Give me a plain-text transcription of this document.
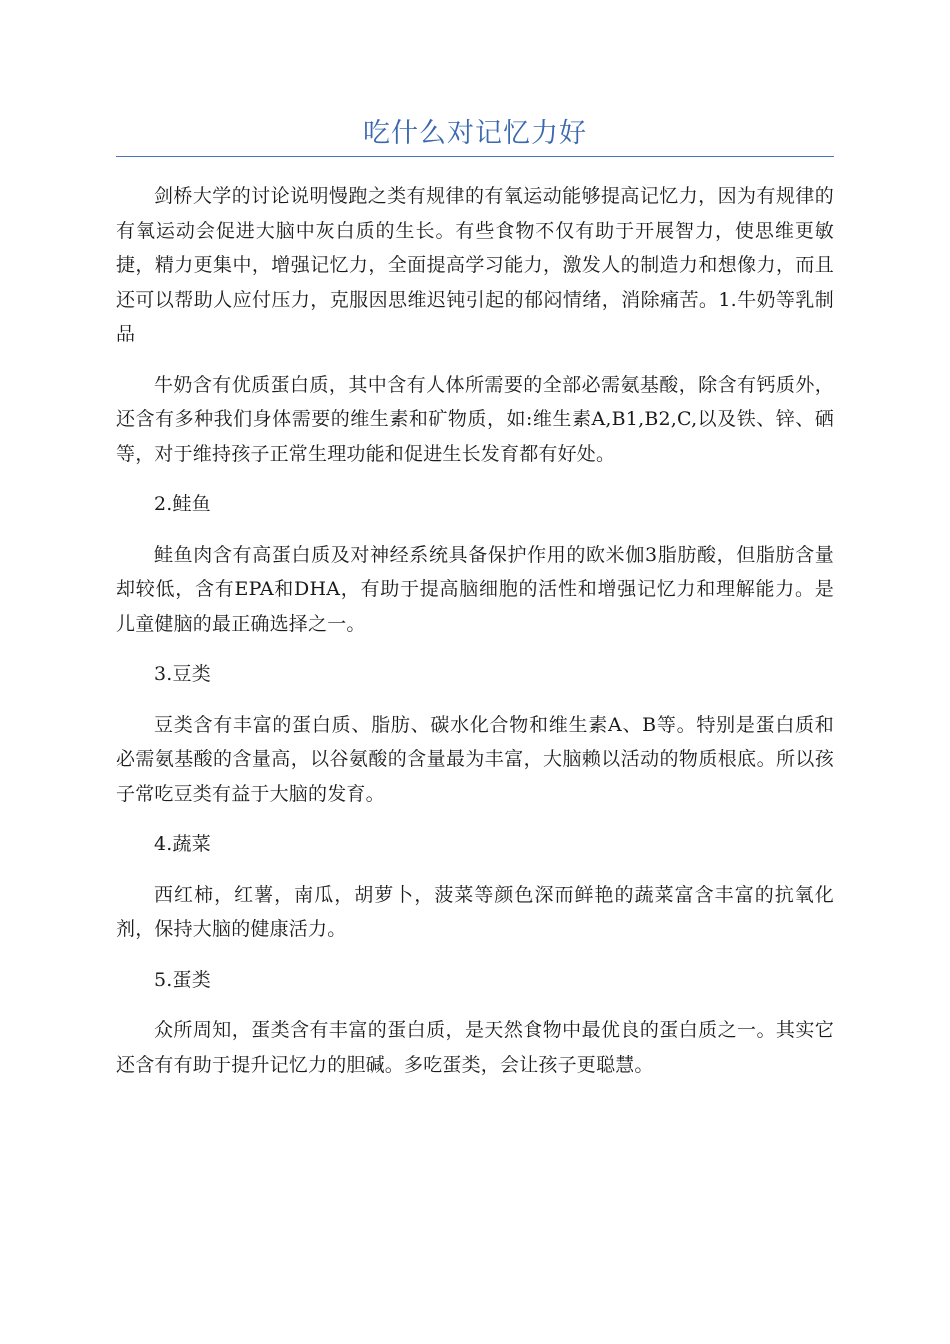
吃什么对记忆力好

剑桥大学的讨论说明慢跑之类有规律的有氧运动能够提高记忆力，因为有规律的有氧运动会促进大脑中灰白质的生长。有些食物不仅有助于开展智力，使思维更敏捷，精力更集中，增强记忆力，全面提高学习能力，激发人的制造力和想像力，而且还可以帮助人应付压力，克服因思维迟钝引起的郁闷情绪，消除痛苦。1.牛奶等乳制品

牛奶含有优质蛋白质，其中含有人体所需要的全部必需氨基酸，除含有钙质外，还含有多种我们身体需要的维生素和矿物质，如:维生素A,B1,B2,C,以及铁、锌、硒等，对于维持孩子正常生理功能和促进生长发育都有好处。

2.鲑鱼

鲑鱼肉含有高蛋白质及对神经系统具备保护作用的欧米伽3脂肪酸，但脂肪含量却较低，含有EPA和DHA，有助于提高脑细胞的活性和增强记忆力和理解能力。是儿童健脑的最正确选择之一。

3.豆类

豆类含有丰富的蛋白质、脂肪、碳水化合物和维生素A、B等。特别是蛋白质和必需氨基酸的含量高，以谷氨酸的含量最为丰富，大脑赖以活动的物质根底。所以孩子常吃豆类有益于大脑的发育。

4.蔬菜

西红柿，红薯，南瓜，胡萝卜，菠菜等颜色深而鲜艳的蔬菜富含丰富的抗氧化剂，保持大脑的健康活力。

5.蛋类

众所周知，蛋类含有丰富的蛋白质，是天然食物中最优良的蛋白质之一。其实它还含有有助于提升记忆力的胆碱。多吃蛋类，会让孩子更聪慧。
